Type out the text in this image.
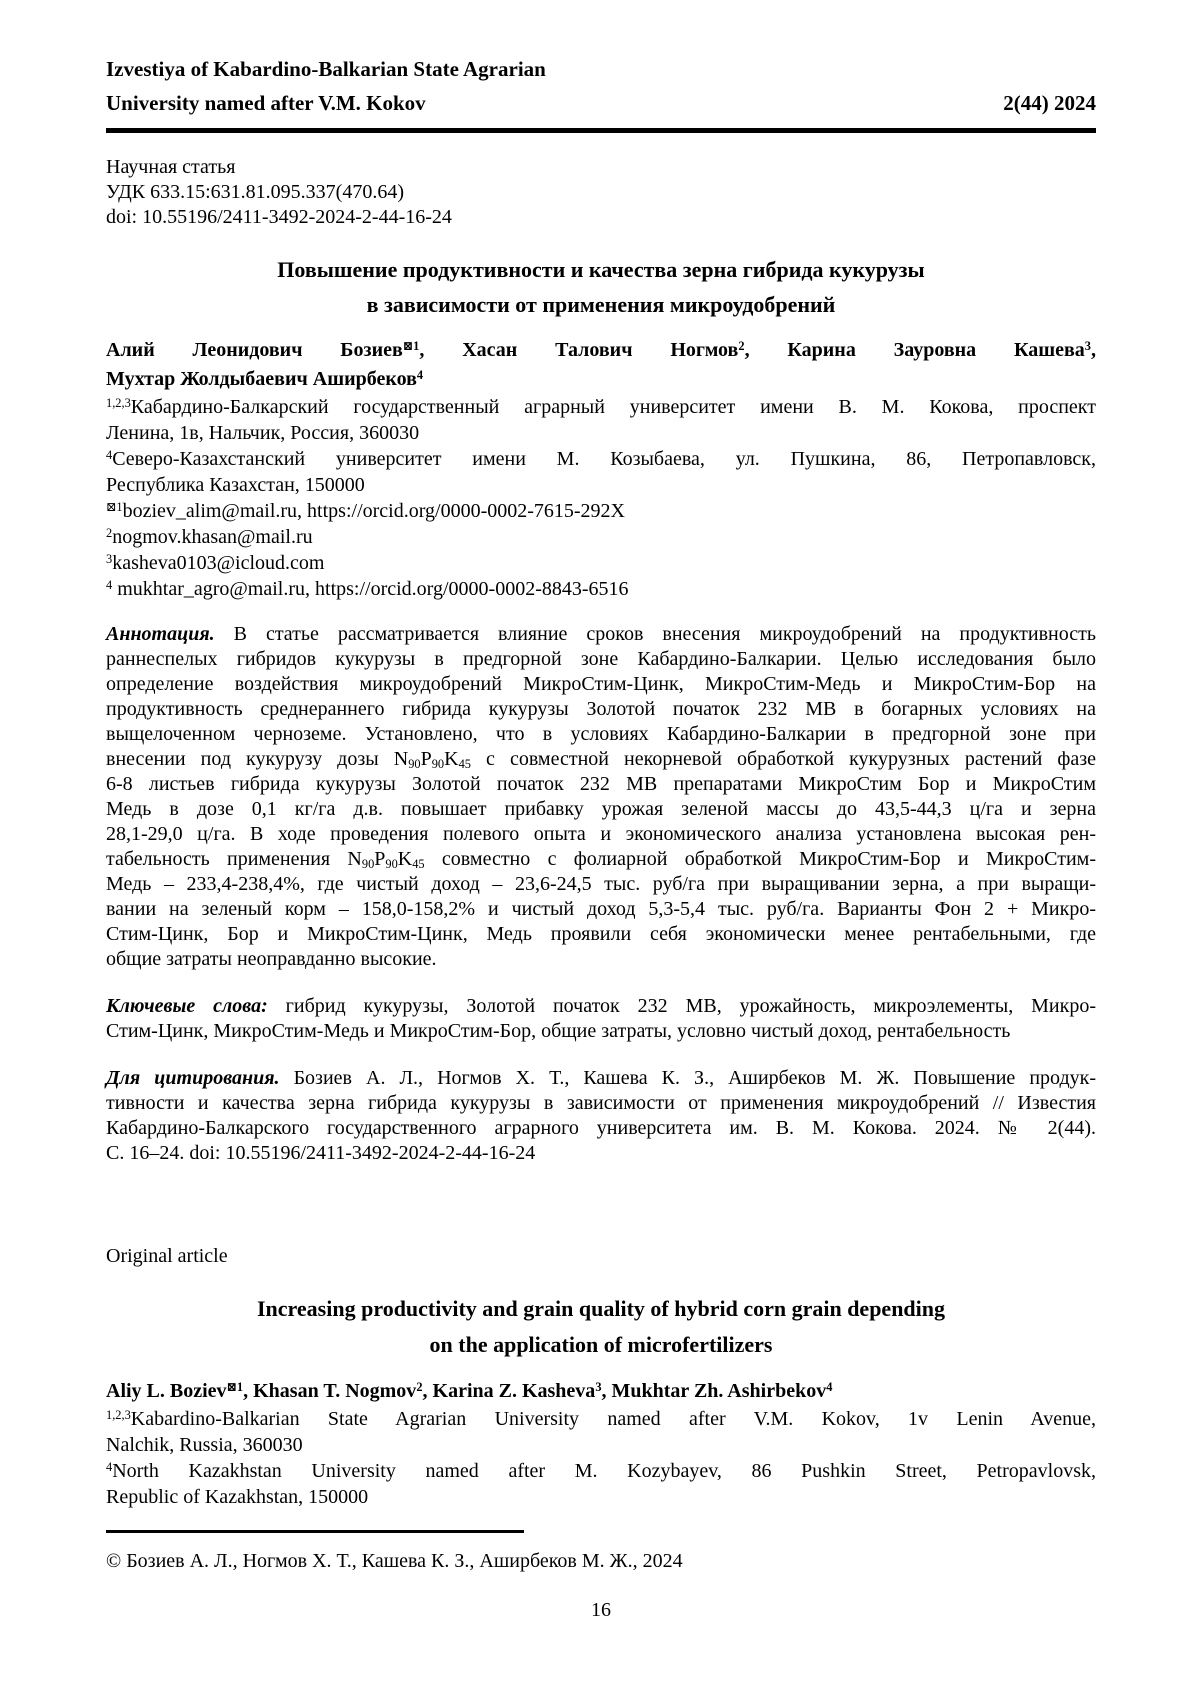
Izvestiya of Kabardino-Balkarian State Agrarian
University named after V.M. Kokov	2(44) 2024
Научная статья
УДК 633.15:631.81.095.337(470.64)
doi: 10.55196/2411-3492-2024-2-44-16-24
Повышение продуктивности и качества зерна гибрида кукурузы
в зависимости от применения микроудобрений
Алий Леонидович Бозиев$^{⊠1}$, Хасан Талович Ногмов$^2$, Карина Зауровна Кашева$^3$,
Мухтар Жолдыбаевич Аширбеков$^4$
$^{1,2,3}$Кабардино-Балкарский государственный аграрный университет имени В. М. Кокова, проспект
Ленина, 1в, Нальчик, Россия, 360030
$^4$Северо-Казахстанский университет имени М. Козыбаева, ул. Пушкина, 86, Петропавловск,
Республика Казахстан, 150000
$^{⊠1}$boziev_alim@mail.ru, https://orcid.org/0000-0002-7615-292X
$^2$nogmov.khasan@mail.ru
$^3$kasheva0103@icloud.com
$^4$ mukhtar_agro@mail.ru, https://orcid.org/0000-0002-8843-6516
Аннотация. В статье рассматривается влияние сроков внесения микроудобрений на продуктивность
раннеспелых гибридов кукурузы в предгорной зоне Кабардино-Балкарии. Целью исследования было
определение воздействия микроудобрений МикроСтим-Цинк, МикроСтим-Медь и МикроСтим-Бор на
продуктивность среднераннего гибрида кукурузы Золотой початок 232 МВ в богарных условиях на
выщелоченном черноземе. Установлено, что в условиях Кабардино-Балкарии в предгорной зоне при
внесении под кукурузу дозы $N_{90}P_{90}K_{45}$ с совместной некорневой обработкой кукурузных растений фазе
6-8 листьев гибрида кукурузы Золотой початок 232 МВ препаратами МикроСтим Бор и МикроСтим
Медь в дозе 0,1 кг/га д.в. повышает прибавку урожая зеленой массы до 43,5-44,3 ц/га и зерна
28,1-29,0 ц/га. В ходе проведения полевого опыта и экономического анализа установлена высокая рен-
табельность применения $N_{90}P_{90}K_{45}$ совместно с фолиарной обработкой МикроСтим-Бор и МикроСтим-
Медь – 233,4-238,4%, где чистый доход – 23,6-24,5 тыс. руб/га при выращивании зерна, а при выращи-
вании на зеленый корм – 158,0-158,2% и чистый доход 5,3-5,4 тыс. руб/га. Варианты Фон 2 + Микро-
Стим-Цинк, Бор и МикроСтим-Цинк, Медь проявили себя экономически менее рентабельными, где
общие затраты неоправданно высокие.
Ключевые слова: гибрид кукурузы, Золотой початок 232 МВ, урожайность, микроэлементы, Микро-
Стим-Цинк, МикроСтим-Медь и МикроСтим-Бор, общие затраты, условно чистый доход, рентабельность
Для цитирования. Бозиев А. Л., Ногмов Х. Т., Кашева К. З., Аширбеков М. Ж. Повышение продук-
тивности и качества зерна гибрида кукурузы в зависимости от применения микроудобрений // Известия
Кабардино-Балкарского государственного аграрного университета им. В. М. Кокова. 2024. № 2(44).
С. 16–24. doi: 10.55196/2411-3492-2024-2-44-16-24
Original article
Increasing productivity and grain quality of hybrid corn grain depending
on the application of microfertilizers
Aliy L. Boziev$^{⊠1}$, Khasan T. Nogmov$^2$, Karina Z. Kasheva$^3$, Mukhtar Zh. Ashirbekov$^4$
$^{1,2,3}$Kabardino-Balkarian State Agrarian University named after V.M. Kokov, 1v Lenin Avenue,
Nalchik, Russia, 360030
$^4$North Kazakhstan University named after M. Kozybayev, 86 Pushkin Street, Petropavlovsk,
Republic of Kazakhstan, 150000
© Бозиев А. Л., Ногмов Х. Т., Кашева К. З., Аширбеков М. Ж., 2024
16
